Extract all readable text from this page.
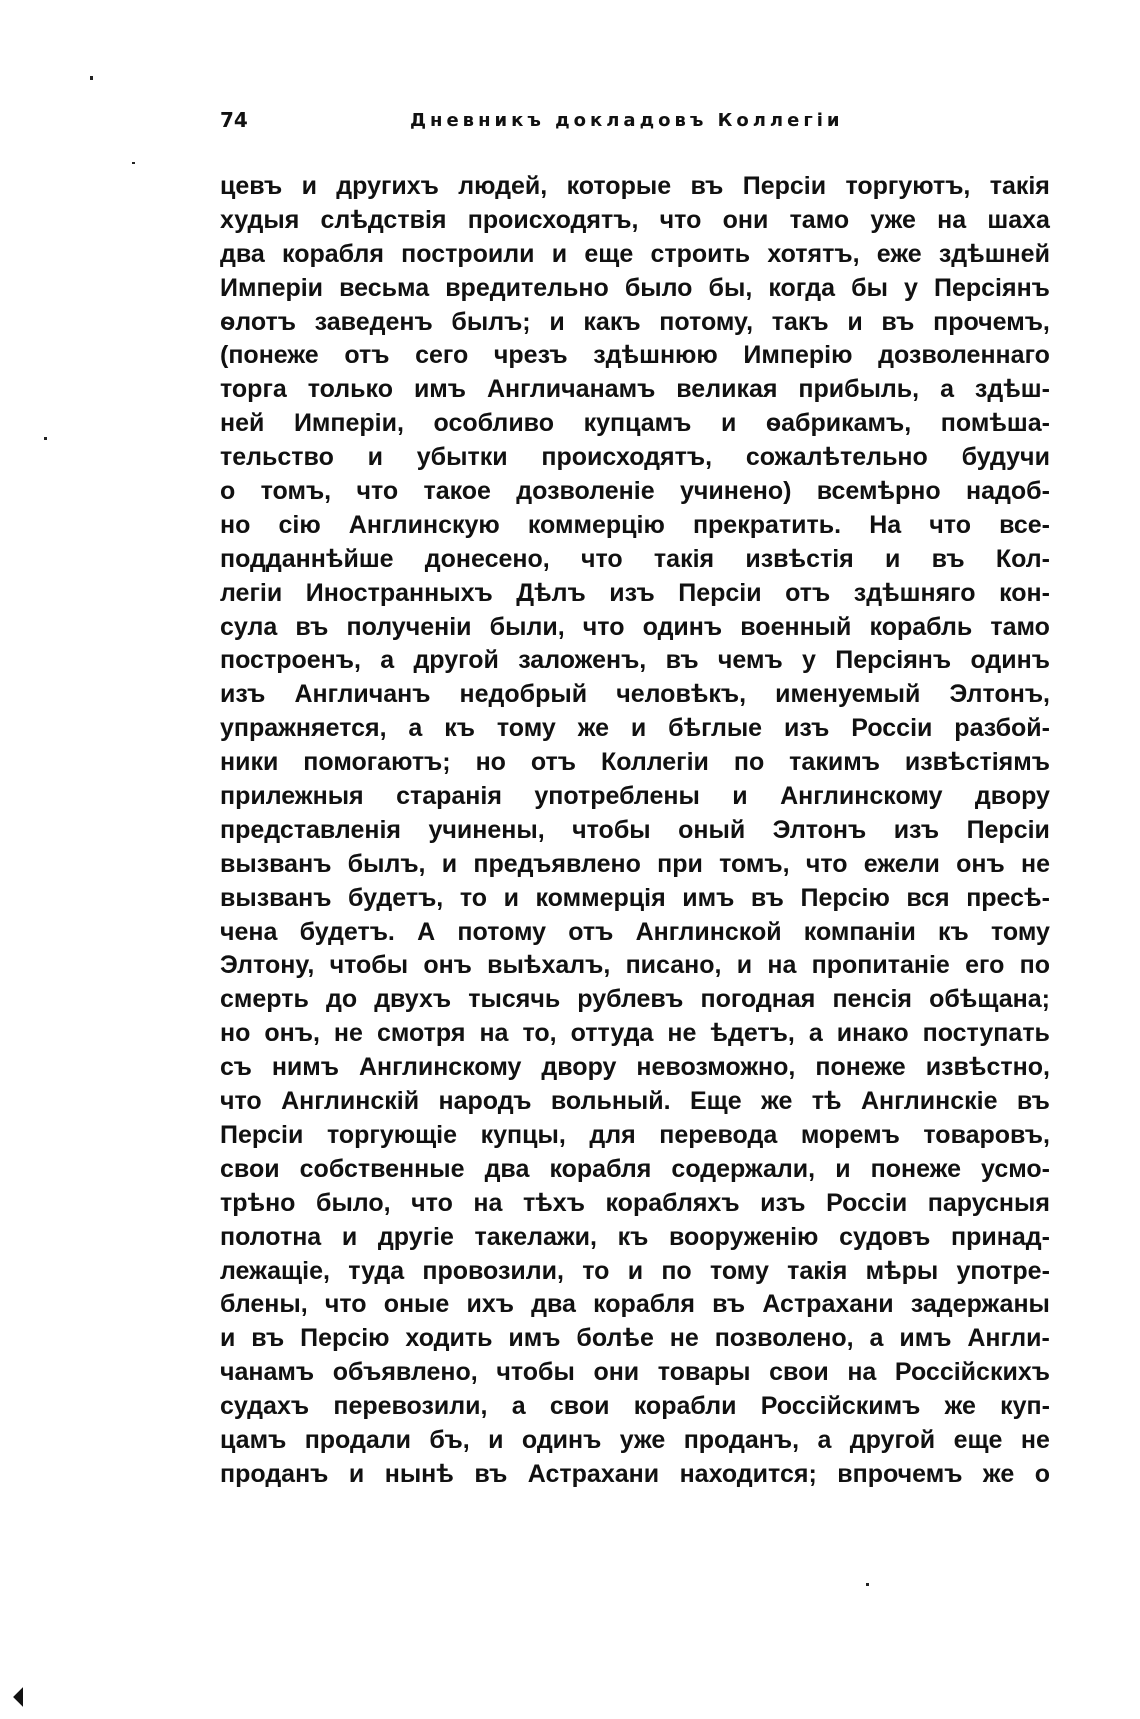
74	Дневникъ докладовъ Коллегіи
цевъ и другихъ людей, которые въ Персіи торгуютъ, такія
худыя слѣдствія происходятъ, что они тамо уже на шаха
два корабля построили и еще строить хотятъ, еже здѣшней
Имперіи весьма вредительно было бы, когда бы у Персіянъ
ѳлотъ заведенъ былъ; и какъ потому, такъ и въ прочемъ,
(понеже отъ сего чрезъ здѣшнюю Имперію дозволеннаго
торга только имъ Англичанамъ великая прибыль, а здѣш-
ней Имперіи, особливо купцамъ и ѳабрикамъ, помѣша-
тельство и убытки происходятъ, сожалѣтельно будучи
о томъ, что такое дозволеніе учинено) всемѣрно надоб-
но сію Англинскую коммерцію прекратить. На что все-
подданнѣйше донесено, что такія извѣстія и въ Кол-
легіи Иностранныхъ Дѣлъ изъ Персіи отъ здѣшняго кон-
сула въ полученіи были, что одинъ военный корабль тамо
построенъ, а другой заложенъ, въ чемъ у Персіянъ одинъ
изъ Англичанъ недобрый человѣкъ, именуемый Элтонъ,
упражняется, а къ тому же и бѣглые изъ Россіи разбой-
ники помогаютъ; но отъ Коллегіи по такимъ извѣстіямъ
прилежныя старанія употреблены и Англинскому двору
представленія учинены, чтобы оный Элтонъ изъ Персіи
вызванъ былъ, и предъявлено при томъ, что ежели онъ не
вызванъ будетъ, то и коммерція имъ въ Персію вся пресѣ-
чена будетъ. А потому отъ Англинской компаніи къ тому
Элтону, чтобы онъ выѣхалъ, писано, и на пропитаніе его по
смерть до двухъ тысячь рублевъ погодная пенсія обѣщана;
но онъ, не смотря на то, оттуда не ѣдетъ, а инако поступать
съ нимъ Англинскому двору невозможно, понеже извѣстно,
что Англинскій народъ вольный. Еще же тѣ Англинскіе въ
Персіи торгующіе купцы, для перевода моремъ товаровъ,
свои собственные два корабля содержали, и понеже усмо-
трѣно было, что на тѣхъ корабляхъ изъ Россіи парусныя
полотна и другіе такелажи, къ вооруженію судовъ принад-
лежащіе, туда провозили, то и по тому такія мѣры употре-
блены, что оные ихъ два корабля въ Астрахани задержаны
и въ Персію ходить имъ болѣе не позволено, а имъ Англи-
чанамъ объявлено, чтобы они товары свои на Россійскихъ
судахъ перевозили, а свои корабли Россійскимъ же куп-
цамъ продали бъ, и одинъ уже проданъ, а другой еще не
проданъ и нынѣ въ Астрахани находится; впрочемъ же о
